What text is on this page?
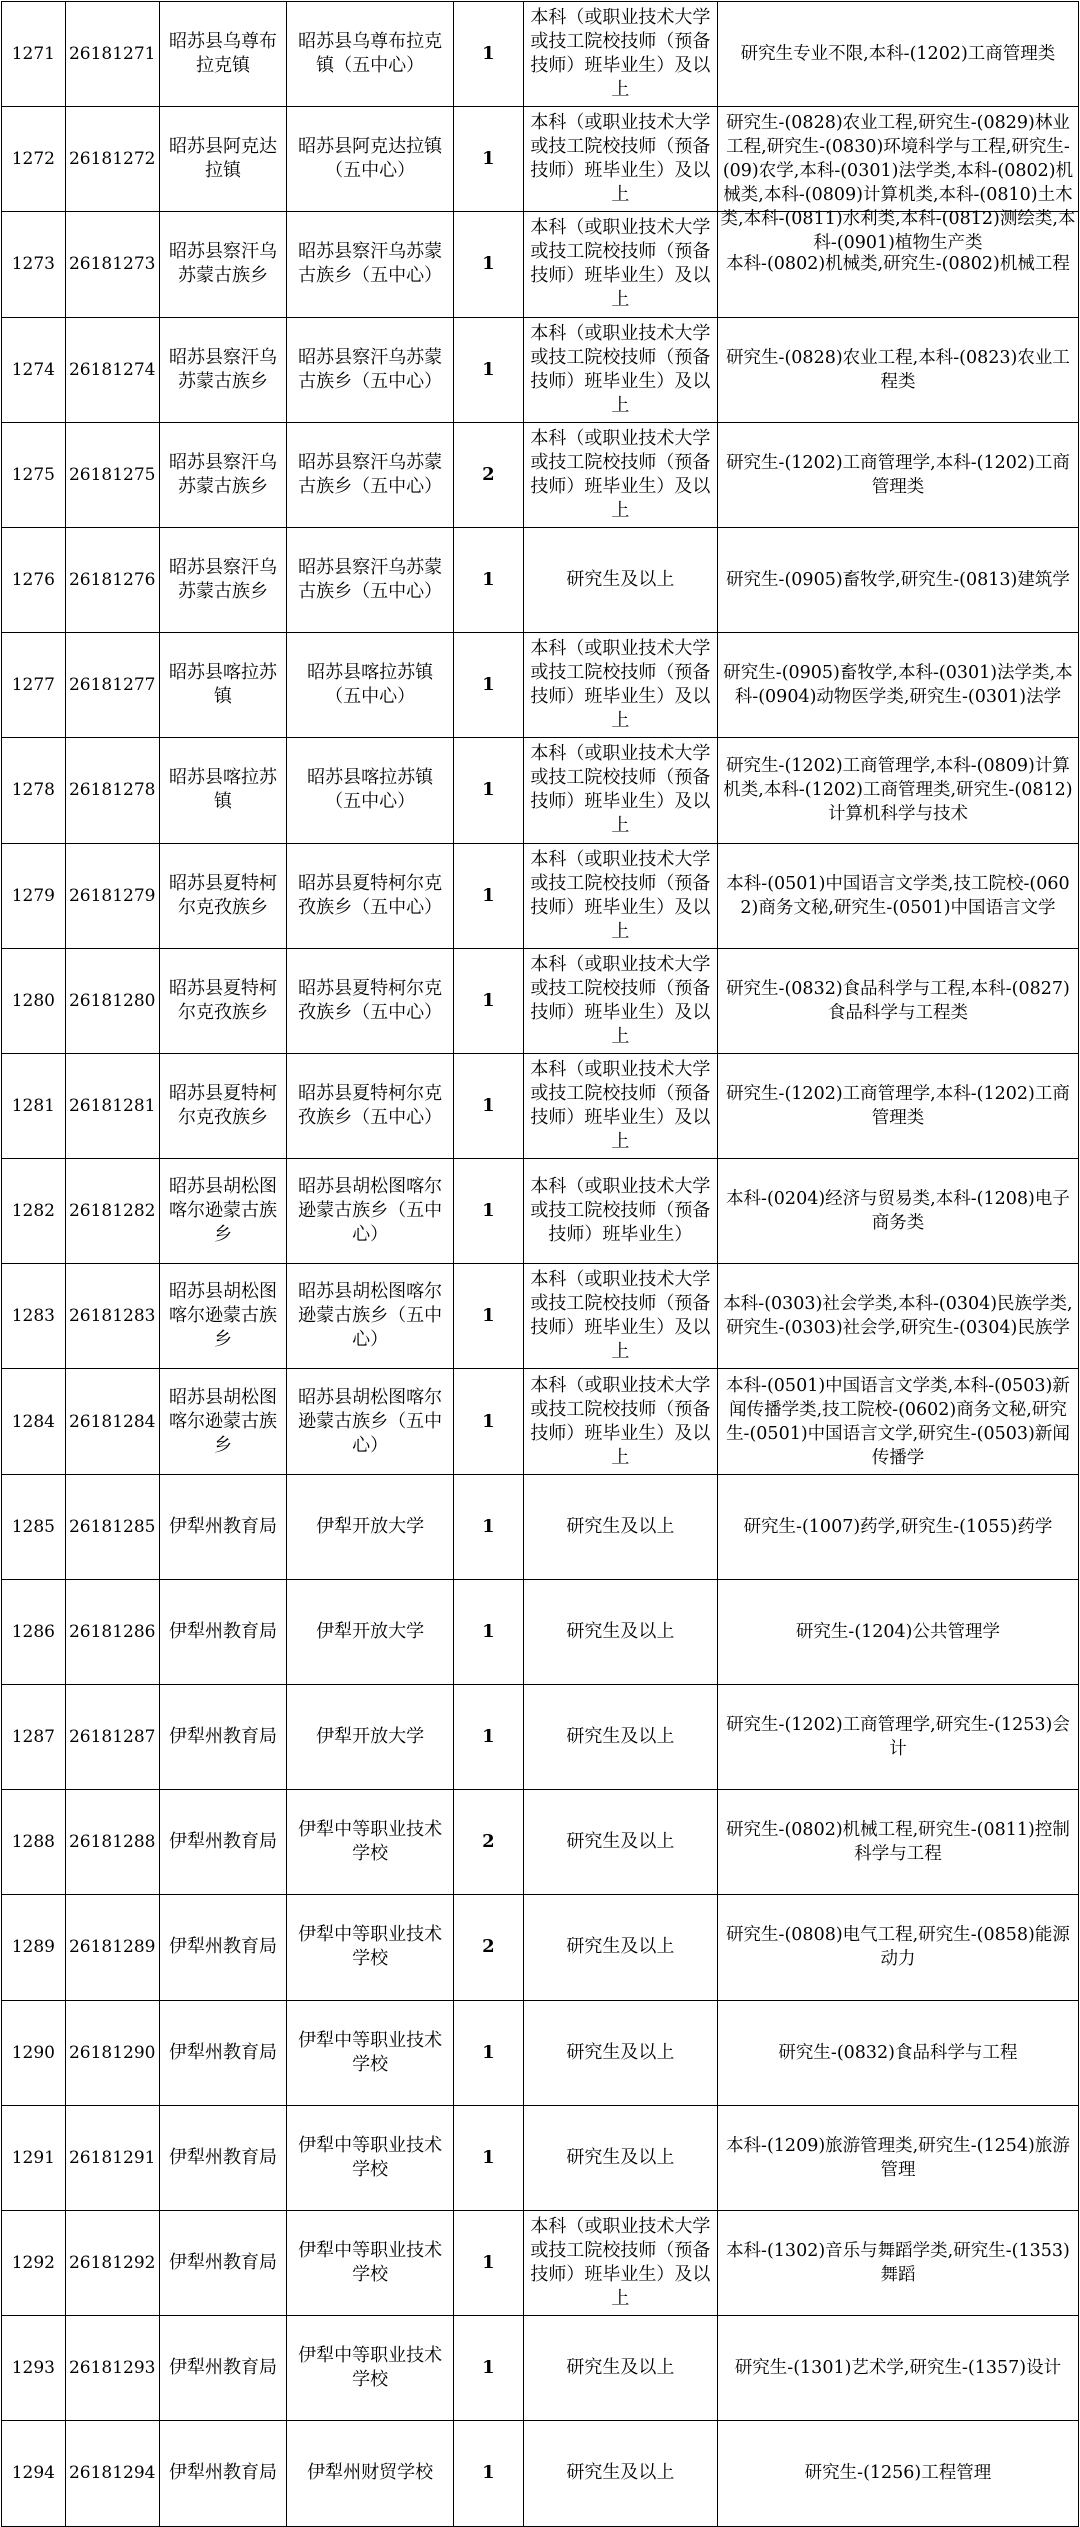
1271	26181271	昭苏县乌尊布拉克镇	昭苏县乌尊布拉克镇（五中心）	1	本科（或职业技术大学或技工院校技师（预备技师）班毕业生）及以上	研究生专业不限,本科-(1202)工商管理类

1272	26181272	昭苏县阿克达拉镇	昭苏县阿克达拉镇（五中心）	1	本科（或职业技术大学或技工院校技师（预备技师）班毕业生）及以上	研究生-(0828)农业工程,研究生-(0829)林业工程,研究生-(0830)环境科学与工程,研究生-(09)农学,本科-(0301)法学类,本科-(0802)机械类,本科-(0809)计算机类,本科-(0810)土木类,本科-(0811)水利类,本科-(0812)测绘类,本科-(0901)植物生产类

1273	26181273	昭苏县察汗乌苏蒙古族乡	昭苏县察汗乌苏蒙古族乡（五中心）	1	本科（或职业技术大学或技工院校技师（预备技师）班毕业生）及以上	本科-(0802)机械类,研究生-(0802)机械工程

1274	26181274	昭苏县察汗乌苏蒙古族乡	昭苏县察汗乌苏蒙古族乡（五中心）	1	本科（或职业技术大学或技工院校技师（预备技师）班毕业生）及以上	研究生-(0828)农业工程,本科-(0823)农业工程类

1275	26181275	昭苏县察汗乌苏蒙古族乡	昭苏县察汗乌苏蒙古族乡（五中心）	2	本科（或职业技术大学或技工院校技师（预备技师）班毕业生）及以上	研究生-(1202)工商管理学,本科-(1202)工商管理类

1276	26181276	昭苏县察汗乌苏蒙古族乡	昭苏县察汗乌苏蒙古族乡（五中心）	1	研究生及以上	研究生-(0905)畜牧学,研究生-(0813)建筑学

1277	26181277	昭苏县喀拉苏镇	昭苏县喀拉苏镇（五中心）	1	本科（或职业技术大学或技工院校技师（预备技师）班毕业生）及以上	研究生-(0905)畜牧学,本科-(0301)法学类,本科-(0904)动物医学类,研究生-(0301)法学

1278	26181278	昭苏县喀拉苏镇	昭苏县喀拉苏镇（五中心）	1	本科（或职业技术大学或技工院校技师（预备技师）班毕业生）及以上	研究生-(1202)工商管理学,本科-(0809)计算机类,本科-(1202)工商管理类,研究生-(0812)计算机科学与技术

1279	26181279	昭苏县夏特柯尔克孜族乡	昭苏县夏特柯尔克孜族乡（五中心）	1	本科（或职业技术大学或技工院校技师（预备技师）班毕业生）及以上	本科-(0501)中国语言文学类,技工院校-(0602)商务文秘,研究生-(0501)中国语言文学

1280	26181280	昭苏县夏特柯尔克孜族乡	昭苏县夏特柯尔克孜族乡（五中心）	1	本科（或职业技术大学或技工院校技师（预备技师）班毕业生）及以上	研究生-(0832)食品科学与工程,本科-(0827)食品科学与工程类

1281	26181281	昭苏县夏特柯尔克孜族乡	昭苏县夏特柯尔克孜族乡（五中心）	1	本科（或职业技术大学或技工院校技师（预备技师）班毕业生）及以上	研究生-(1202)工商管理学,本科-(1202)工商管理类

1282	26181282	昭苏县胡松图喀尔逊蒙古族乡	昭苏县胡松图喀尔逊蒙古族乡（五中心）	1	本科（或职业技术大学或技工院校技师（预备技师）班毕业生）	本科-(0204)经济与贸易类,本科-(1208)电子商务类

1283	26181283	昭苏县胡松图喀尔逊蒙古族乡	昭苏县胡松图喀尔逊蒙古族乡（五中心）	1	本科（或职业技术大学或技工院校技师（预备技师）班毕业生）及以上	本科-(0303)社会学类,本科-(0304)民族学类,研究生-(0303)社会学,研究生-(0304)民族学

1284	26181284	昭苏县胡松图喀尔逊蒙古族乡	昭苏县胡松图喀尔逊蒙古族乡（五中心）	1	本科（或职业技术大学或技工院校技师（预备技师）班毕业生）及以上	本科-(0501)中国语言文学类,本科-(0503)新闻传播学类,技工院校-(0602)商务文秘,研究生-(0501)中国语言文学,研究生-(0503)新闻传播学

1285	26181285	伊犁州教育局	伊犁开放大学	1	研究生及以上	研究生-(1007)药学,研究生-(1055)药学

1286	26181286	伊犁州教育局	伊犁开放大学	1	研究生及以上	研究生-(1204)公共管理学

1287	26181287	伊犁州教育局	伊犁开放大学	1	研究生及以上	研究生-(1202)工商管理学,研究生-(1253)会计

1288	26181288	伊犁州教育局	伊犁中等职业技术学校	2	研究生及以上	研究生-(0802)机械工程,研究生-(0811)控制科学与工程

1289	26181289	伊犁州教育局	伊犁中等职业技术学校	2	研究生及以上	研究生-(0808)电气工程,研究生-(0858)能源动力

1290	26181290	伊犁州教育局	伊犁中等职业技术学校	1	研究生及以上	研究生-(0832)食品科学与工程

1291	26181291	伊犁州教育局	伊犁中等职业技术学校	1	研究生及以上	本科-(1209)旅游管理类,研究生-(1254)旅游管理

1292	26181292	伊犁州教育局	伊犁中等职业技术学校	1	本科（或职业技术大学或技工院校技师（预备技师）班毕业生）及以上	本科-(1302)音乐与舞蹈学类,研究生-(1353)舞蹈

1293	26181293	伊犁州教育局	伊犁中等职业技术学校	1	研究生及以上	研究生-(1301)艺术学,研究生-(1357)设计

1294	26181294	伊犁州教育局	伊犁州财贸学校	1	研究生及以上	研究生-(1256)工程管理
